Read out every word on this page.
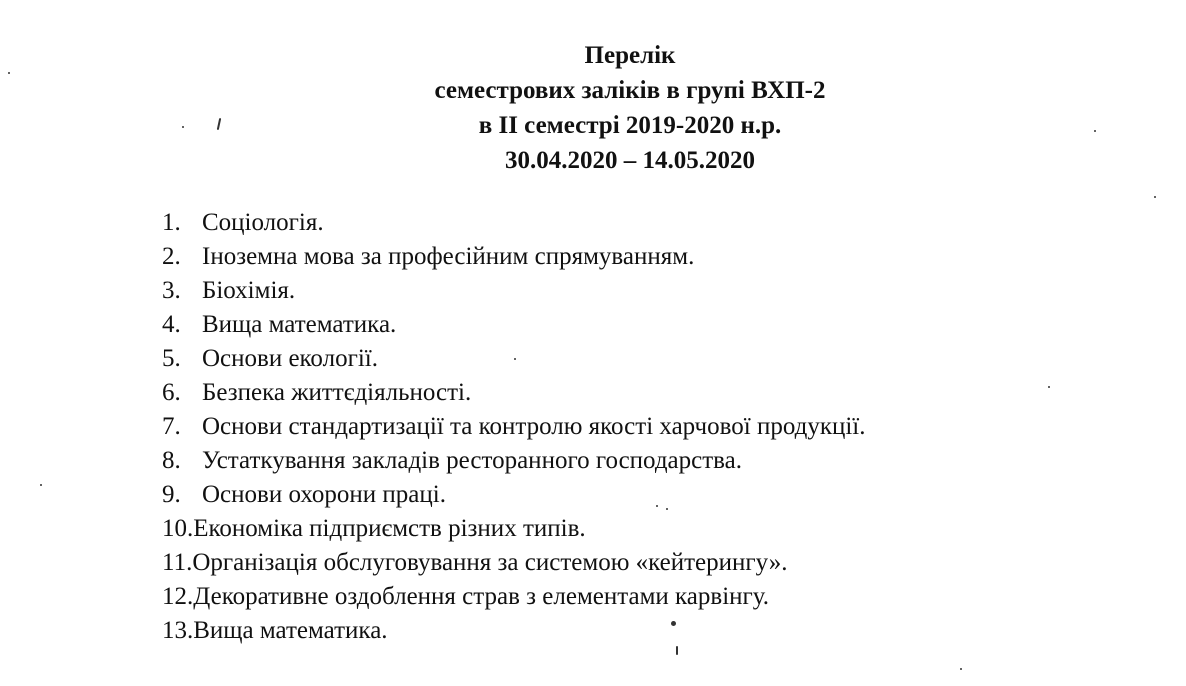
Перелік
семестрових заліків в групі ВХП-2
в ІІ семестрі 2019-2020 н.р.
30.04.2020 – 14.05.2020
1. Соціологія.
2. Іноземна мова за професійним спрямуванням.
3. Біохімія.
4. Вища математика.
5. Основи екології.
6. Безпека життєдіяльності.
7. Основи стандартизації та контролю якості харчової продукції.
8. Устаткування закладів ресторанного господарства.
9. Основи охорони праці.
10. Економіка підприємств різних типів.
11. Організація обслуговування за системою «кейтерингу».
12. Декоративне оздоблення страв з елементами карвінгу.
13. Вища математика.
